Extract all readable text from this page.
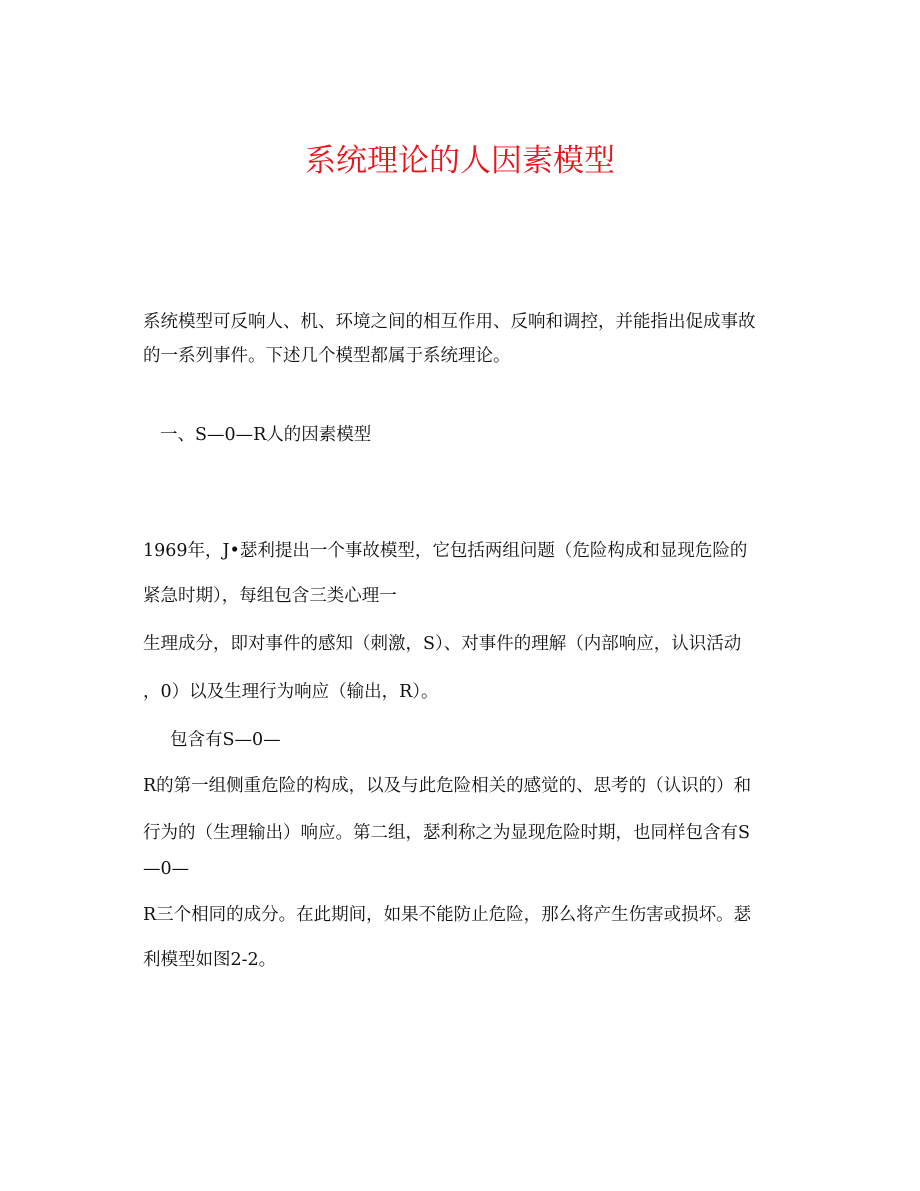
系统理论的人因素模型
系统模型可反响人、机、环境之间的相互作用、反响和调控，并能指出促成事故
的一系列事件。下述几个模型都属于系统理论。
一、S—0—R人的因素模型
1969年，J•瑟利提出一个事故模型，它包括两组问题（危险构成和显现危险的
紧急时期），每组包含三类心理一
生理成分，即对事件的感知（刺激，S）、对事件的理解（内部响应，认识活动
，0）以及生理行为响应（输出，R）。
包含有S—0—
R的第一组侧重危险的构成，以及与此危险相关的感觉的、思考的（认识的）和
行为的（生理输出）响应。第二组，瑟利称之为显现危险时期，也同样包含有S
—0—
R三个相同的成分。在此期间，如果不能防止危险，那么将产生伤害或损坏。瑟
利模型如图2-2。
